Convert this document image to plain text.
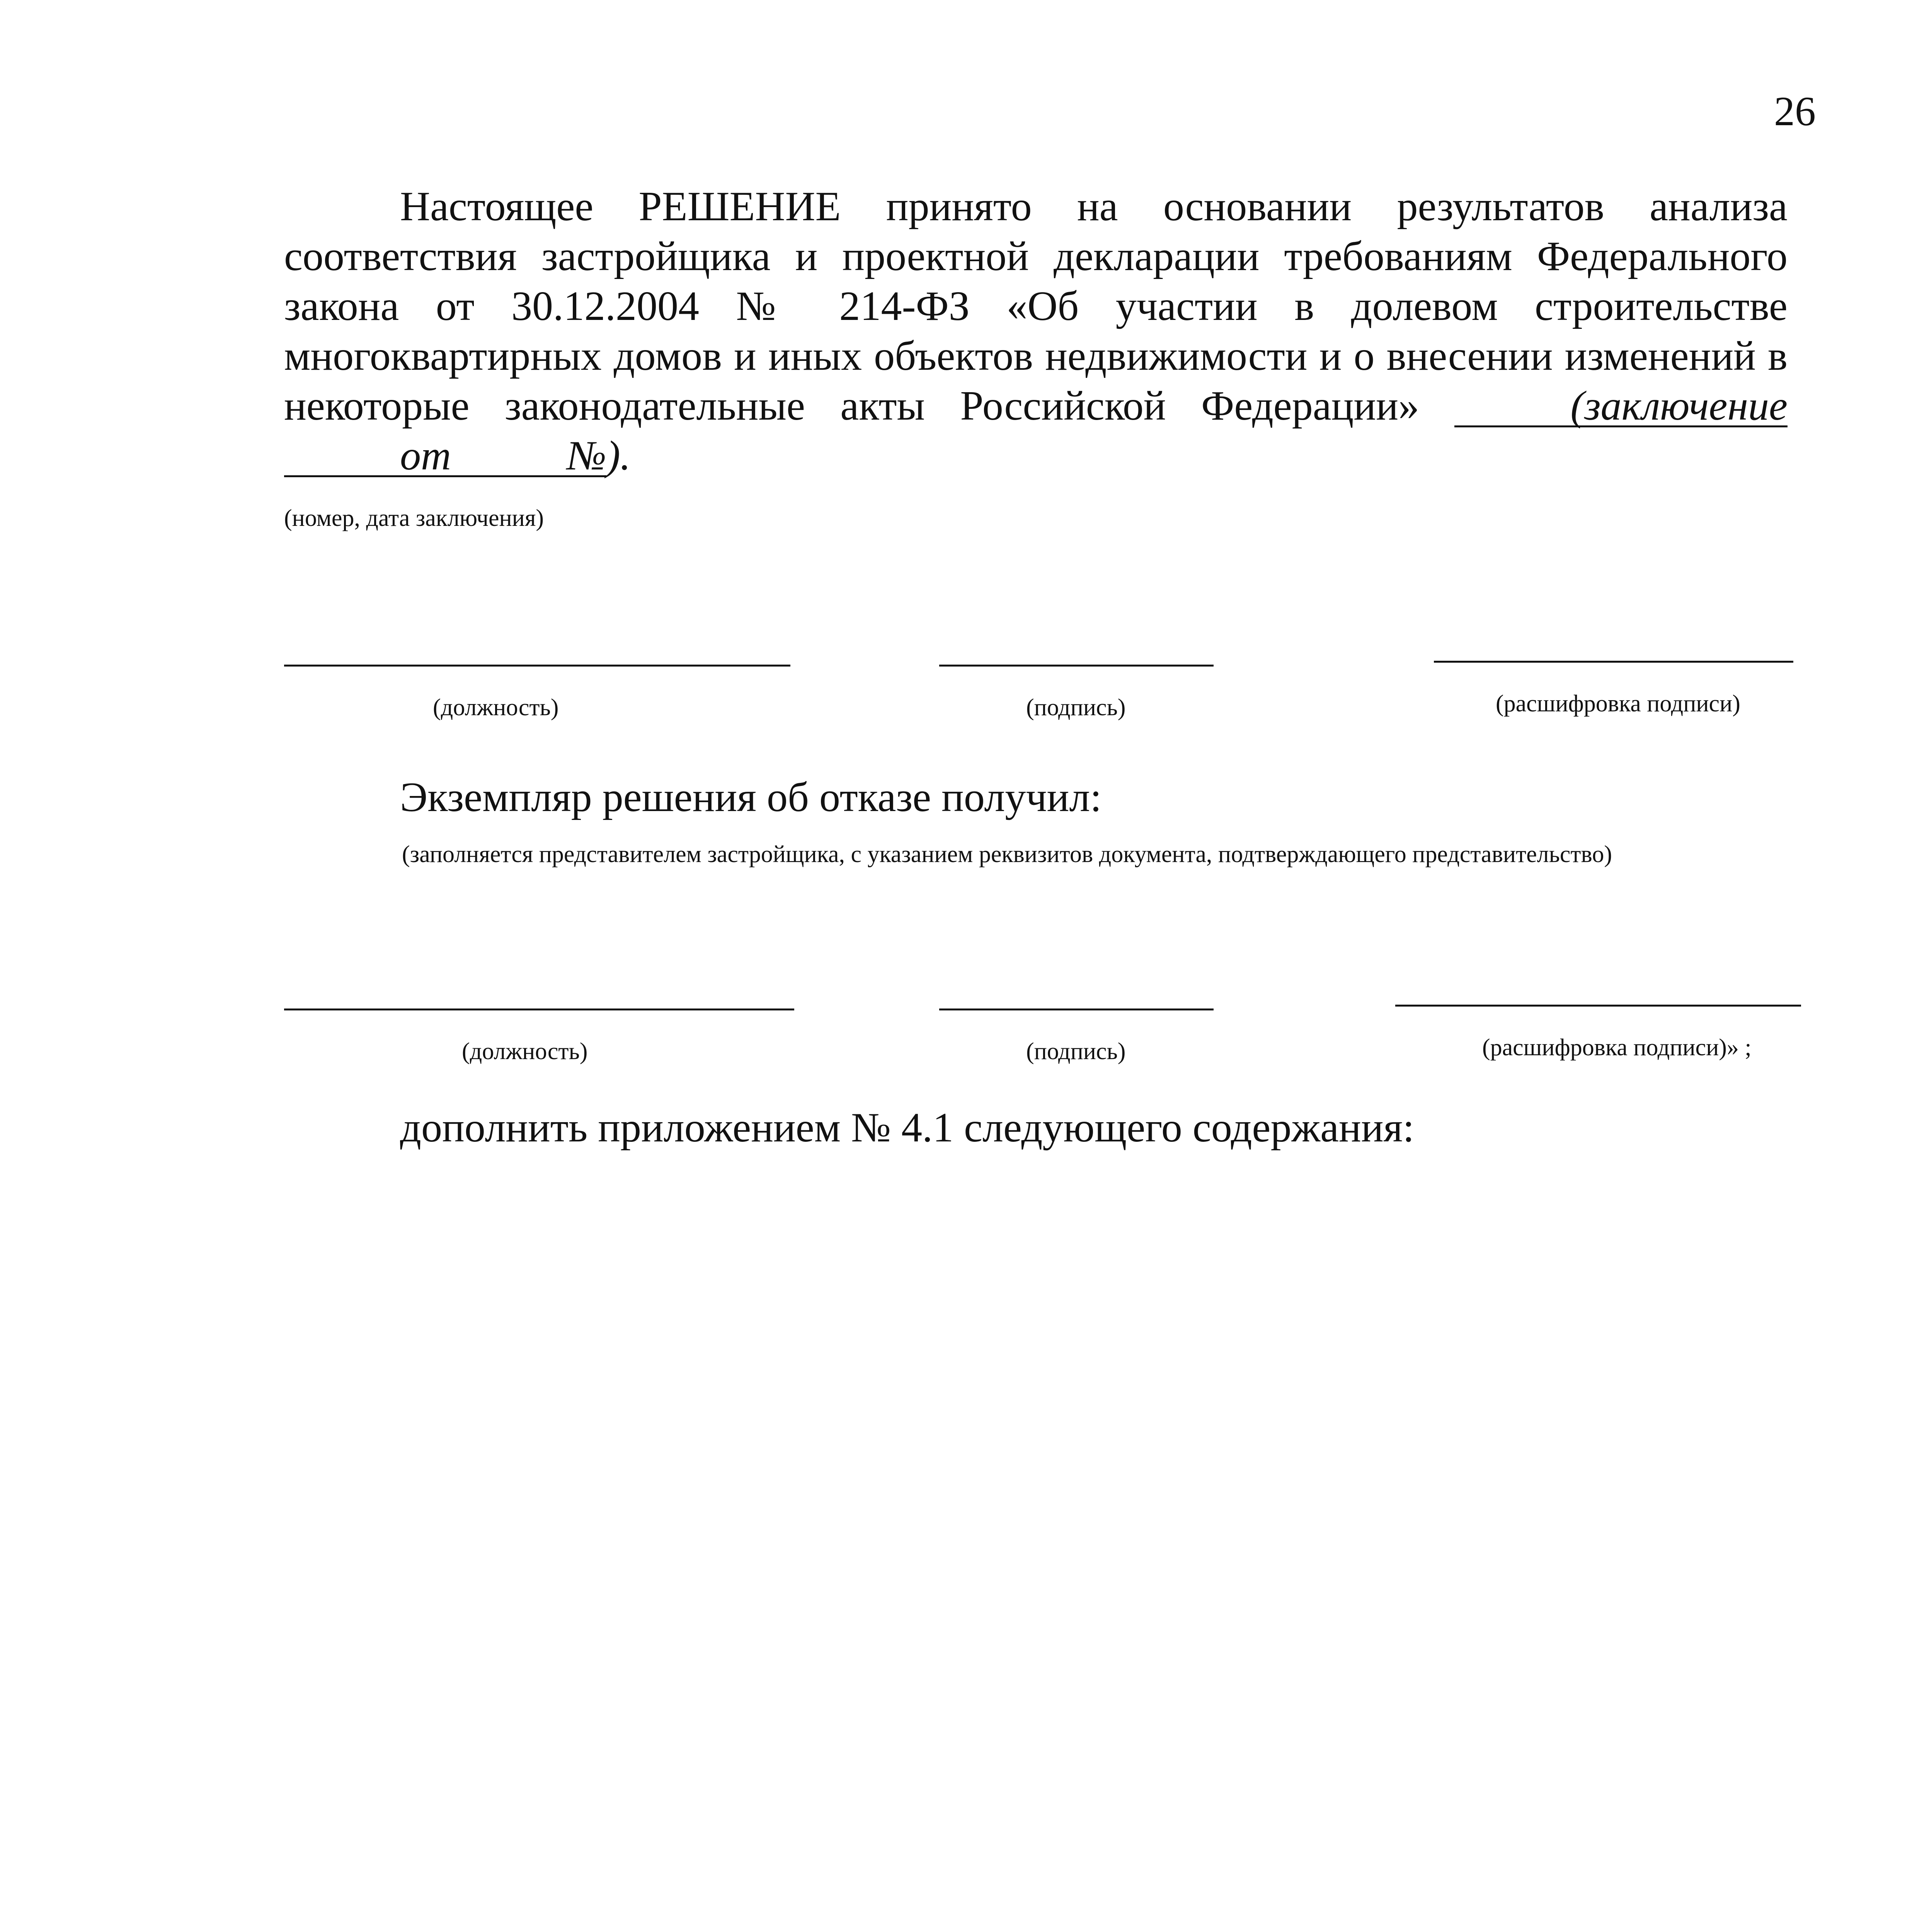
26
Настоящее РЕШЕНИЕ принято на основании результатов анализа соответствия застройщика и проектной декларации требованиям Федерального закона от 30.12.2004 № 214-ФЗ «Об участии в долевом строительстве многоквартирных домов и иных объектов недвижимости и о внесении изменений в некоторые законодательные акты Российской Федерации»	(заключение от	№).
(номер, дата заключения)
(должность)	(подпись)	(расшифровка подписи)
Экземпляр решения об отказе получил:
(заполняется представителем застройщика, с указанием реквизитов документа, подтверждающего представительство)
(должность)	(подпись)	(расшифровка подписи)» ;
дополнить приложением № 4.1 следующего содержания:
